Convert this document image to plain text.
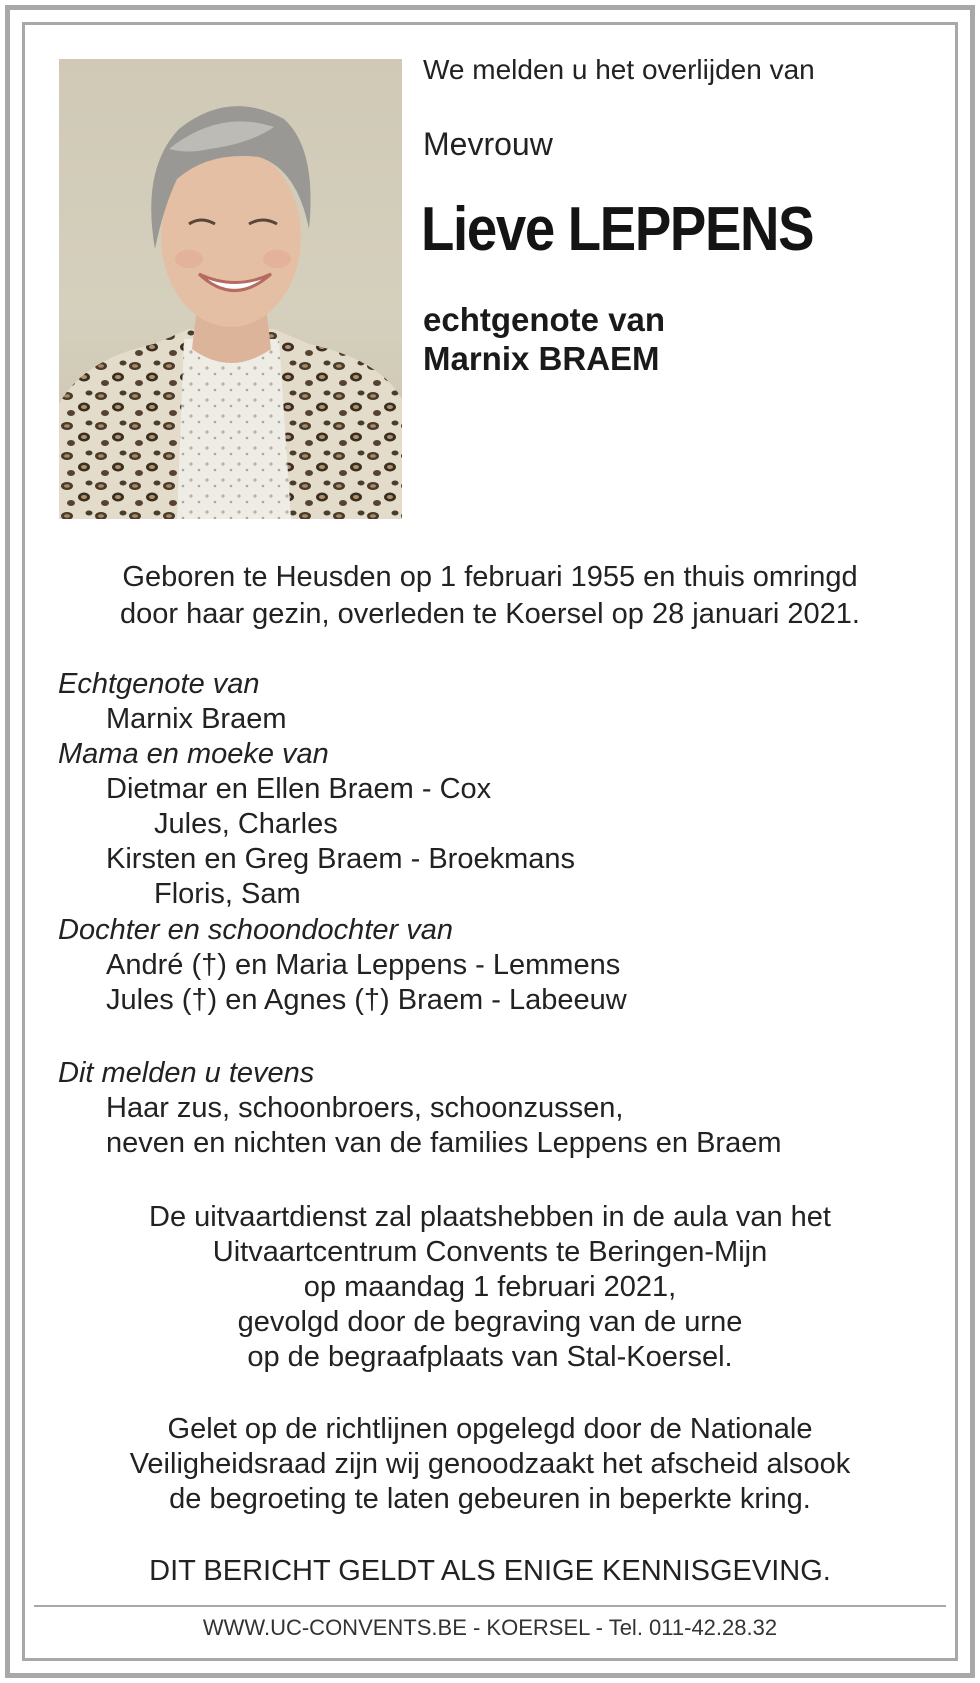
We melden u het overlijden van
Mevrouw
Lieve LEPPENS
echtgenote van
Marnix BRAEM
Geboren te Heusden op 1 februari 1955 en thuis omringd
door haar gezin, overleden te Koersel op 28 januari 2021.
Echtgenote van
Marnix Braem
Mama en moeke van
Dietmar en Ellen Braem - Cox
Jules, Charles
Kirsten en Greg Braem - Broekmans
Floris, Sam
Dochter en schoondochter van
André (†) en Maria Leppens - Lemmens
Jules (†) en Agnes (†) Braem - Labeeuw
Dit melden u tevens
Haar zus, schoonbroers, schoonzussen,
neven en nichten van de families Leppens en Braem
De uitvaartdienst zal plaatshebben in de aula van het
Uitvaartcentrum Convents te Beringen-Mijn
op maandag 1 februari 2021,
gevolgd door de begraving van de urne
op de begraafplaats van Stal-Koersel.
Gelet op de richtlijnen opgelegd door de Nationale
Veiligheidsraad zijn wij genoodzaakt het afscheid alsook
de begroeting te laten gebeuren in beperkte kring.
DIT BERICHT GELDT ALS ENIGE KENNISGEVING.
WWW.UC-CONVENTS.BE - KOERSEL - Tel. 011-42.28.32
